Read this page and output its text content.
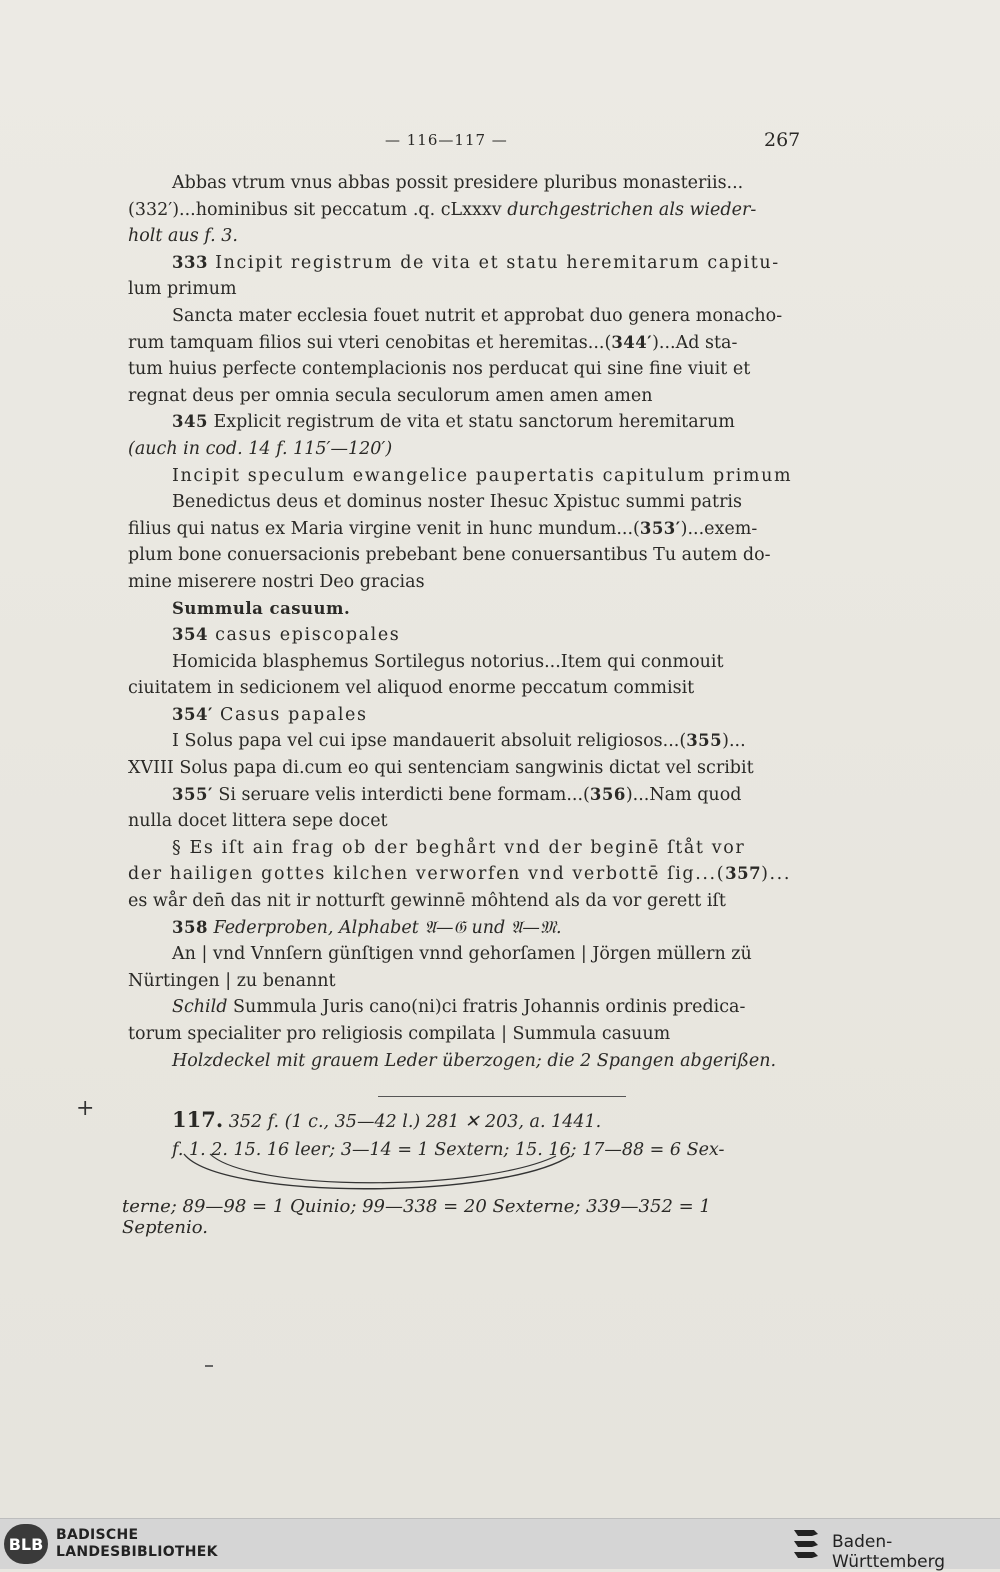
— 116—117 —	267

Abbas vtrum vnus abbas possit presidere pluribus monasteriis...

(332′)...hominibus sit peccatum .q. cLxxxv durchgestrichen als wieder-

holt aus f. 3.

333 Incipit registrum de vita et statu heremitarum capitu-

lum primum

Sancta mater ecclesia fouet nutrit et approbat duo genera monacho-

rum tamquam filios sui vteri cenobitas et heremitas...(344′)...Ad sta-

tum huius perfecte contemplacionis nos perducat qui sine fine viuit et

regnat deus per omnia secula seculorum amen amen amen

345 Explicit registrum de vita et statu sanctorum heremitarum

(auch in cod. 14 f. 115′—120′)

Incipit speculum ewangelice paupertatis capitulum primum

Benedictus deus et dominus noster Ihesuc Xpistuc summi patris

filius qui natus ex Maria virgine venit in hunc mundum...(353′)...exem-

plum bone conuersacionis prebebant bene conuersantibus Tu autem do-

mine miserere nostri Deo gracias

Summula casuum.

354 casus episcopales

Homicida blasphemus Sortilegus notorius...Item qui conmouit

ciuitatem in sedicionem vel aliquod enorme peccatum commisit

354′ Casus papales

I Solus papa vel cui ipse mandauerit absoluit religiosos...(355)...

XVIII Solus papa di.cum eo qui sentenciam sangwinis dictat vel scribit

355′ Si seruare velis interdicti bene formam...(356)...Nam quod

nulla docet littera sepe docet

§ Es iſt ain frag ob der beghårt vnd der beginē ſtåt vor

der hailigen gottes kilchen verworfen vnd verbottē ſig...(357)...

es wår den̄ das nit ir notturft gewinnē môhtend als da vor gerett iſt

358 Federproben, Alphabet 𝔄—𝔊 und 𝔄—𝔐.

An | vnd Vnnſern günſtigen vnnd gehorſamen | Jörgen müllern zü

Nürtingen | zu benannt

Schild Summula Juris cano(ni)ci fratris Johannis ordinis predica-

torum specialiter pro religiosis compilata | Summula casuum

Holzdeckel mit grauem Leder überzogen; die 2 Spangen abgerißen.

+	117. 352 f. (1 c., 35—42 l.) 281 ✕ 203, a. 1441.
f. 1. 2. 15. 16 leer; 3—14 = 1 Sextern; 15. 16; 17—88 = 6 Sex-
terne; 89—98 = 1 Quinio; 99—338 = 20 Sexterne; 339—352 = 1 Septenio.
BLB BADISCHE
LANDESBIBLIOTHEK	Baden-Württemberg
